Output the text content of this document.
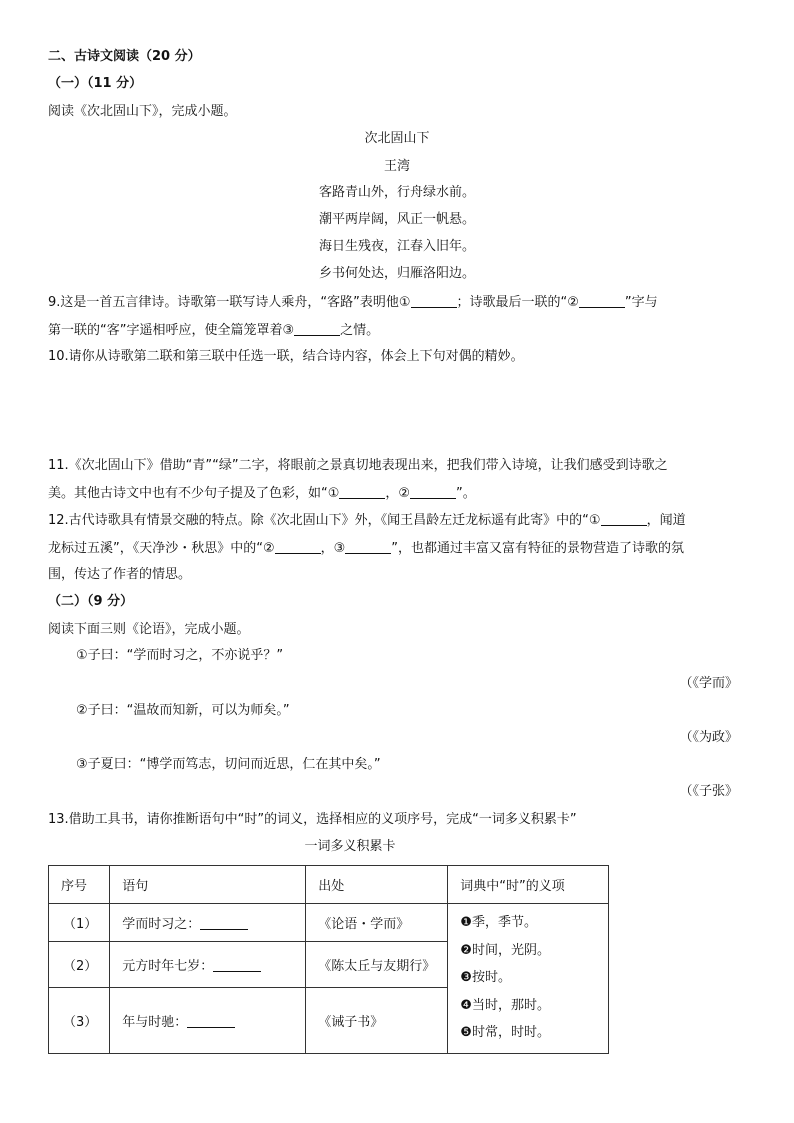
二、古诗文阅读（20 分）
（一）（11 分）
阅读《次北固山下》，完成小题。
次北固山下
王湾
客路青山外，行舟绿水前。
潮平两岸阔，风正一帆悬。
海日生残夜，江春入旧年。
乡书何处达，归雁洛阳边。
9.这是一首五言律诗。诗歌第一联写诗人乘舟，“客路”表明他①	；诗歌最后一联的“②	”字与
第一联的“客”字遥相呼应，使全篇笼罩着③	之情。
10.请你从诗歌第二联和第三联中任选一联，结合诗内容，体会上下句对偶的精妙。
11.《次北固山下》借助“青”“绿”二字，将眼前之景真切地表现出来，把我们带入诗境，让我们感受到诗歌之
美。其他古诗文中也有不少句子提及了色彩，如“①	，②	”。
12.古代诗歌具有情景交融的特点。除《次北固山下》外，《闻王昌龄左迁龙标遥有此寄》中的“①	，闻道
龙标过五溪”，《天净沙・秋思》中的“②	，③	”，也都通过丰富又富有特征的景物营造了诗歌的氛
围，传达了作者的情思。
（二）（9 分）
阅读下面三则《论语》，完成小题。
①子曰：“学而时习之，不亦说乎？”
（《学而》
②子曰：“温故而知新，可以为师矣。”
（《为政》
③子夏曰：“博学而笃志，切问而近思，仁在其中矣。”
（《子张》
13.借助工具书，请你推断语句中“时”的词义，选择相应的义项序号，完成“一词多义积累卡”
一词多义积累卡
序号	语句	出处	词典中“时”的义项
（1）	学而时习之：	《论语・学而》	❶季，季节。
❷时间，光阴。
❸按时。
❹当时，那时。
❺时常，时时。

（2）	元方时年七岁：	《陈太丘与友期行》	
（3）	年与时驰：	《诫子书》	
